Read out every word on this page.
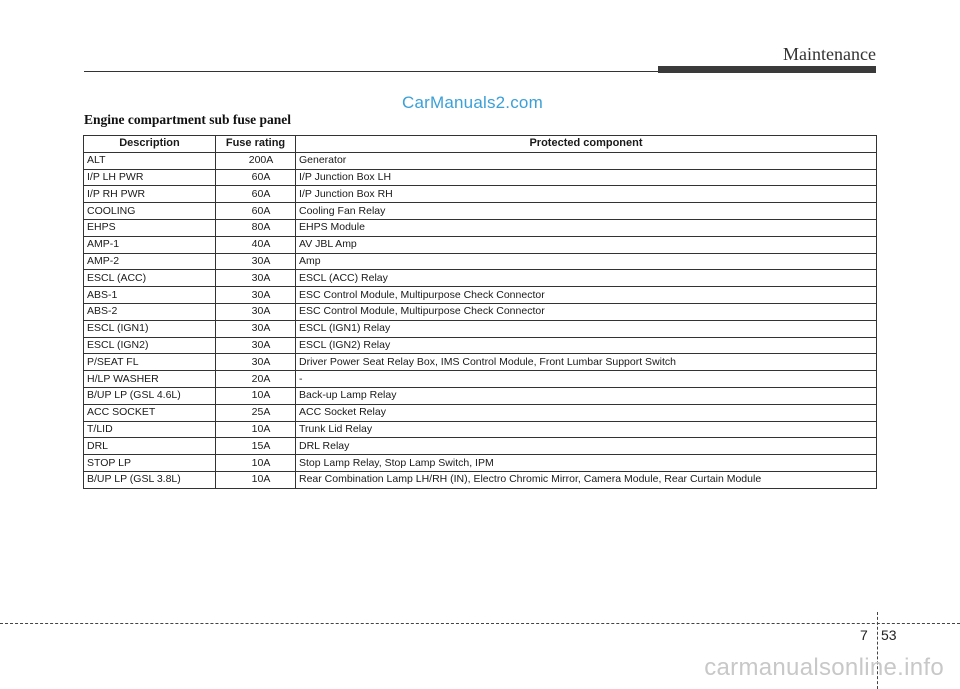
Maintenance
CarManuals2.com
Engine compartment sub fuse panel
Description	Fuse rating	Protected component
ALT	200A	Generator
I/P LH PWR	60A	I/P Junction Box LH
I/P RH PWR	60A	I/P Junction Box RH
COOLING	60A	Cooling Fan Relay
EHPS	80A	EHPS Module
AMP-1	40A	AV JBL Amp
AMP-2	30A	Amp
ESCL (ACC)	30A	ESCL (ACC) Relay
ABS-1	30A	ESC Control Module, Multipurpose Check Connector
ABS-2	30A	ESC Control Module, Multipurpose Check Connector
ESCL (IGN1)	30A	ESCL (IGN1) Relay
ESCL (IGN2)	30A	ESCL (IGN2) Relay
P/SEAT FL	30A	Driver Power Seat Relay Box, IMS Control Module, Front Lumbar Support Switch
H/LP WASHER	20A	-
B/UP LP (GSL 4.6L)	10A	Back-up Lamp Relay
ACC SOCKET	25A	ACC Socket Relay
T/LID	10A	Trunk Lid Relay
DRL	15A	DRL Relay
STOP LP	10A	Stop Lamp Relay, Stop Lamp Switch, IPM
B/UP LP (GSL 3.8L)	10A	Rear Combination Lamp LH/RH (IN), Electro Chromic Mirror, Camera Module, Rear Curtain Module
7 53
carmanualsonline.info
